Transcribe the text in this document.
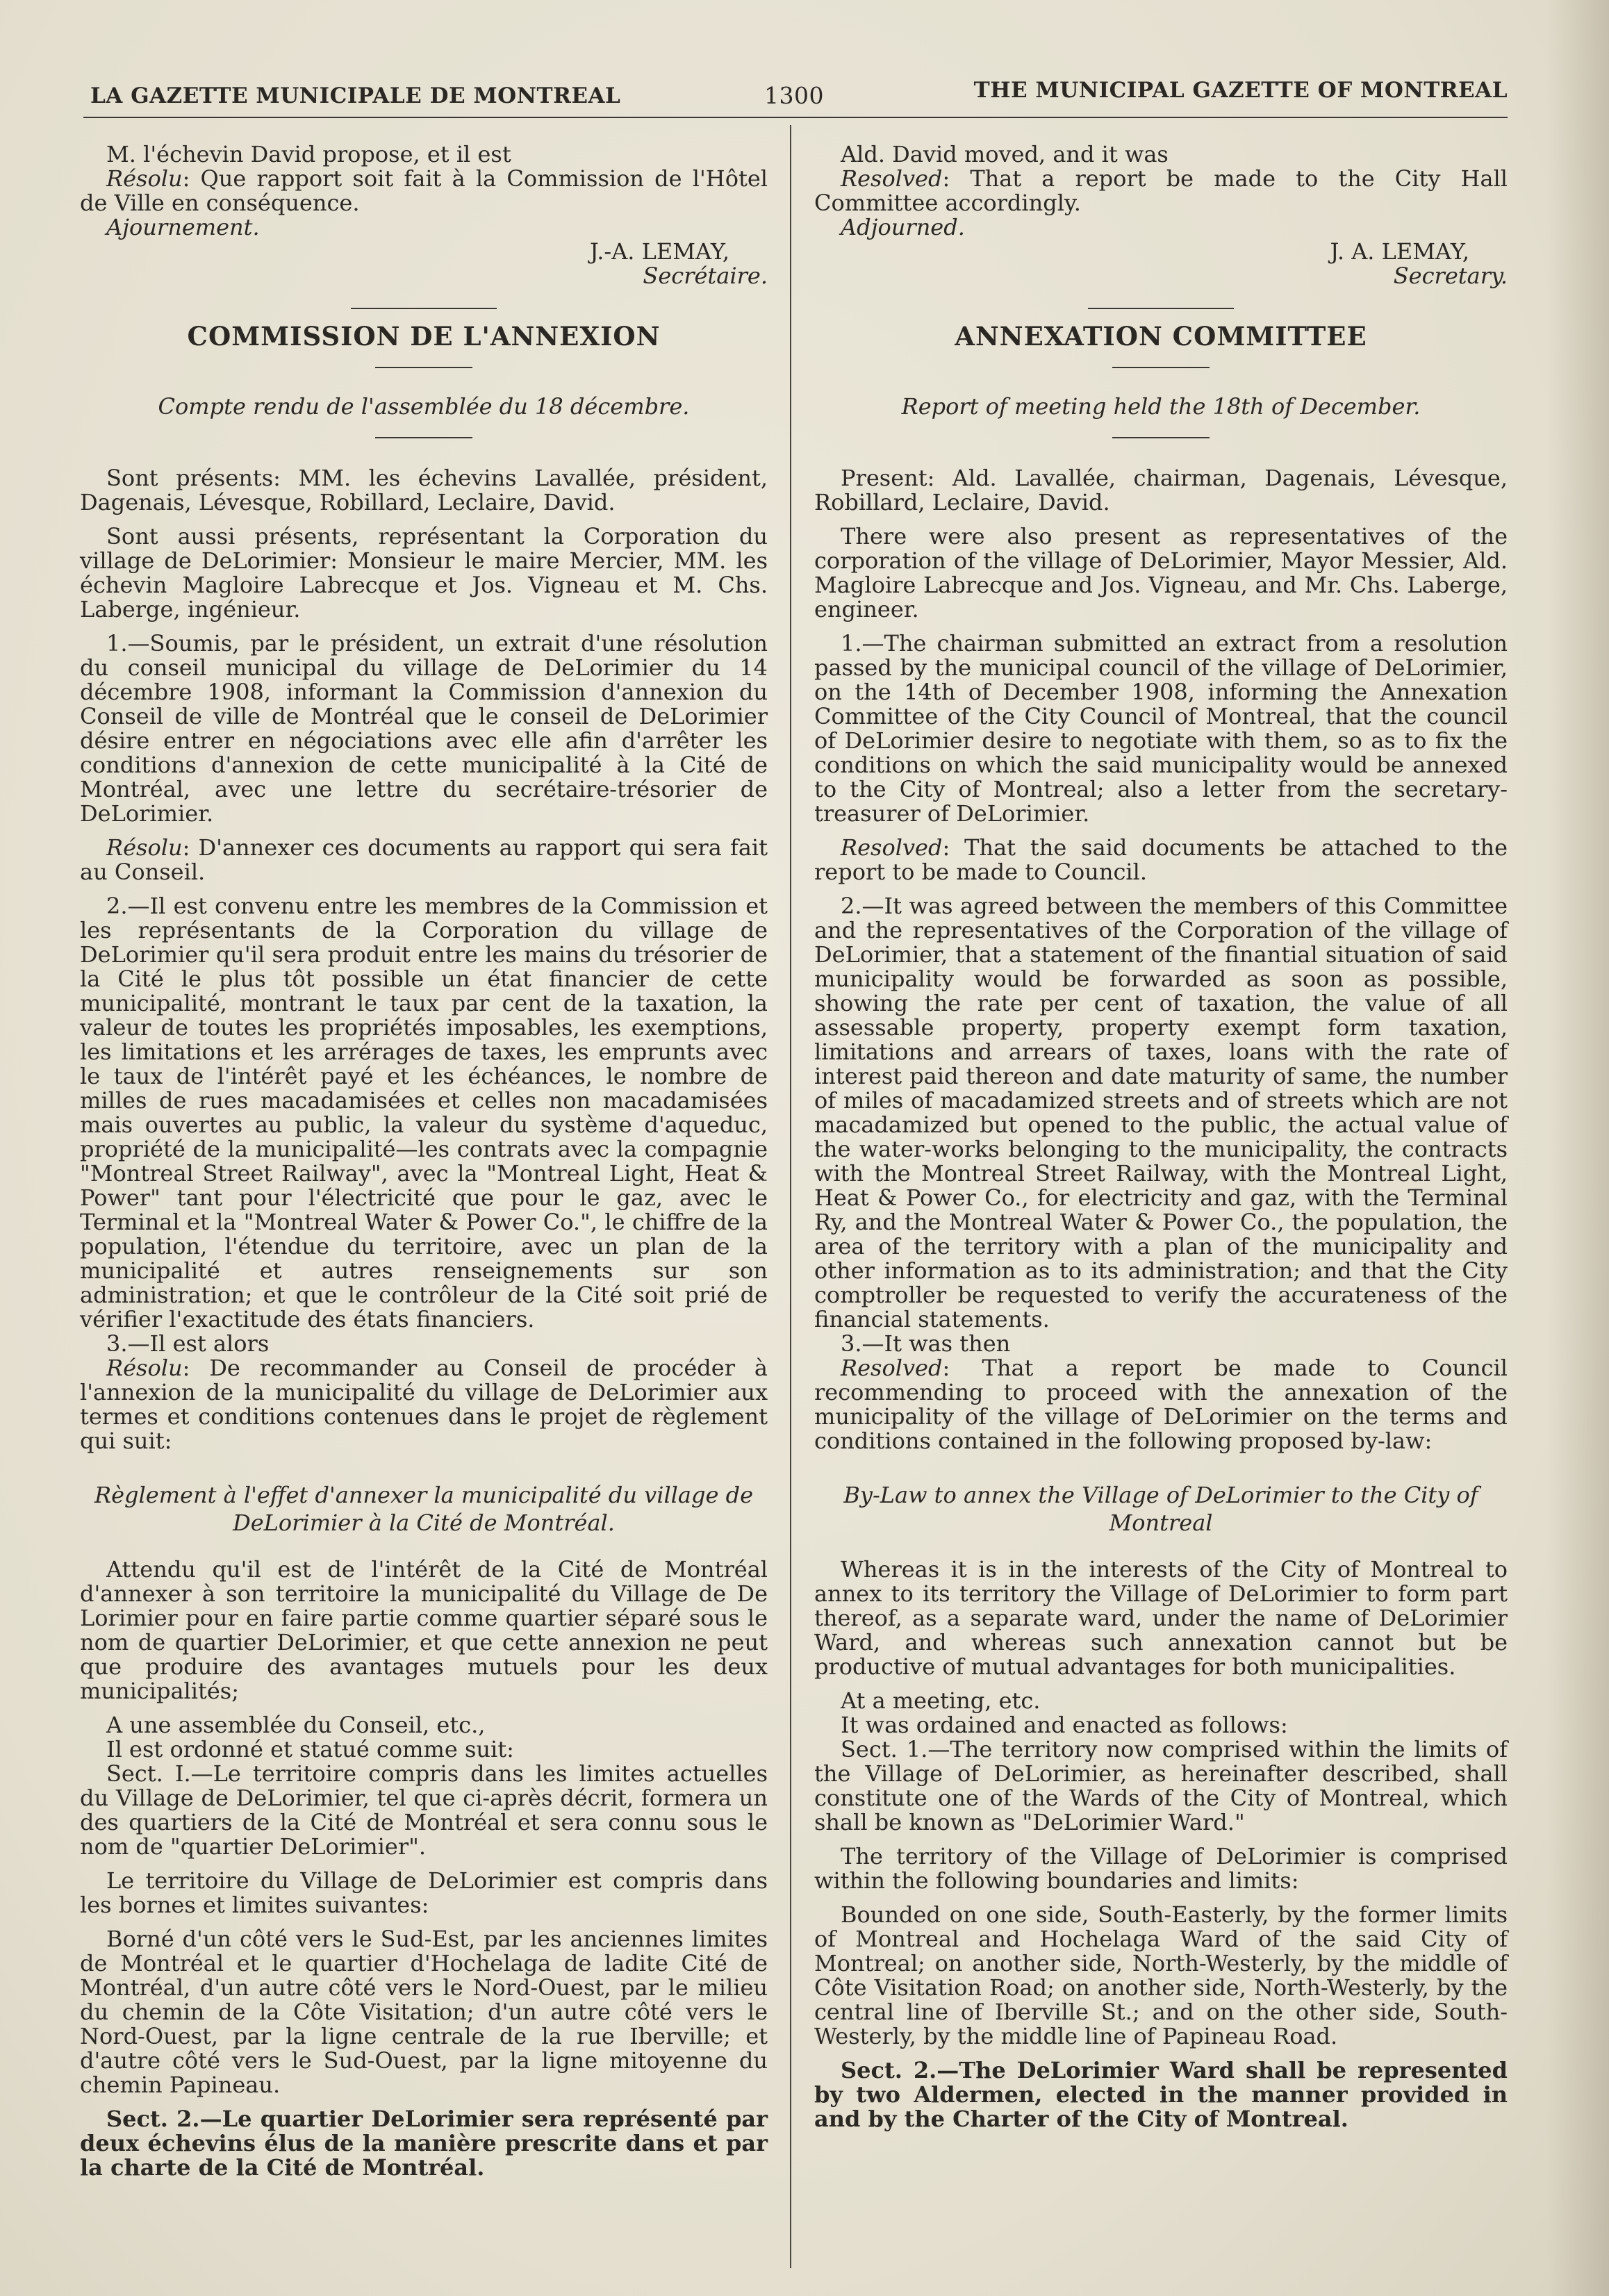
LA GAZETTE MUNICIPALE DE MONTREAL	1300	THE MUNICIPAL GAZETTE OF MONTREAL

M. l'échevin David propose, et il est

Résolu: Que rapport soit fait à la Commission de l'Hôtel de Ville en conséquence.

Ajournement.

J.-A. LEMAY,

Secrétaire.

COMMISSION DE L'ANNEXION

Compte rendu de l'assemblée du 18 décembre.

Sont présents: MM. les échevins Lavallée, président, Dagenais, Lévesque, Robillard, Leclaire, David.

Sont aussi présents, représentant la Corporation du village de DeLorimier: Monsieur le maire Mercier, MM. les échevin Magloire Labrecque et Jos. Vigneau et M. Chs. Laberge, ingénieur.

1.—Soumis, par le président, un extrait d'une résolution du conseil municipal du village de DeLorimier du 14 décembre 1908, informant la Commission d'annexion du Conseil de ville de Montréal que le conseil de DeLorimier désire entrer en négociations avec elle afin d'arrêter les conditions d'annexion de cette municipalité à la Cité de Montréal, avec une lettre du secrétaire-trésorier de DeLorimier.

Résolu: D'annexer ces documents au rapport qui sera fait au Conseil.

2.—Il est convenu entre les membres de la Commission et les représentants de la Corporation du village de DeLorimier qu'il sera produit entre les mains du trésorier de la Cité le plus tôt possible un état financier de cette municipalité, montrant le taux par cent de la taxation, la valeur de toutes les propriétés imposables, les exemptions, les limitations et les arrérages de taxes, les emprunts avec le taux de l'intérêt payé et les échéances, le nombre de milles de rues macadamisées et celles non macadamisées mais ouvertes au public, la valeur du système d'aqueduc, propriété de la municipalité—les contrats avec la compagnie "Montreal Street Railway", avec la "Montreal Light, Heat & Power" tant pour l'électricité que pour le gaz, avec le Terminal et la "Montreal Water & Power Co.", le chiffre de la population, l'étendue du territoire, avec un plan de la municipalité et autres renseignements sur son administration; et que le contrôleur de la Cité soit prié de vérifier l'exactitude des états financiers.

3.—Il est alors

Résolu: De recommander au Conseil de procéder à l'annexion de la municipalité du village de DeLorimier aux termes et conditions contenues dans le projet de règlement qui suit:

Règlement à l'effet d'annexer la municipalité du village de DeLorimier à la Cité de Montréal.

Attendu qu'il est de l'intérêt de la Cité de Montréal d'annexer à son territoire la municipalité du Village de De Lorimier pour en faire partie comme quartier séparé sous le nom de quartier DeLorimier, et que cette annexion ne peut que produire des avantages mutuels pour les deux municipalités;

A une assemblée du Conseil, etc.,

Il est ordonné et statué comme suit:

Sect. I.—Le territoire compris dans les limites actuelles du Village de DeLorimier, tel que ci-après décrit, formera un des quartiers de la Cité de Montréal et sera connu sous le nom de "quartier DeLorimier".

Le territoire du Village de DeLorimier est compris dans les bornes et limites suivantes:

Borné d'un côté vers le Sud-Est, par les anciennes limites de Montréal et le quartier d'Hochelaga de ladite Cité de Montréal, d'un autre côté vers le Nord-Ouest, par le milieu du chemin de la Côte Visitation; d'un autre côté vers le Nord-Ouest, par la ligne centrale de la rue Iberville; et d'autre côté vers le Sud-Ouest, par la ligne mitoyenne du chemin Papineau.

Sect. 2.—Le quartier DeLorimier sera représenté par deux échevins élus de la manière prescrite dans et par la charte de la Cité de Montréal.

Ald. David moved, and it was

Resolved: That a report be made to the City Hall Committee accordingly.

Adjourned.

J. A. LEMAY,

Secretary.

ANNEXATION COMMITTEE

Report of meeting held the 18th of December.

Present: Ald. Lavallée, chairman, Dagenais, Lévesque, Robillard, Leclaire, David.

There were also present as representatives of the corporation of the village of DeLorimier, Mayor Messier, Ald. Magloire Labrecque and Jos. Vigneau, and Mr. Chs. Laberge, engineer.

1.—The chairman submitted an extract from a resolution passed by the municipal council of the village of DeLorimier, on the 14th of December 1908, informing the Annexation Committee of the City Council of Montreal, that the council of DeLorimier desire to negotiate with them, so as to fix the conditions on which the said municipality would be annexed to the City of Montreal; also a letter from the secretary-treasurer of DeLorimier.

Resolved: That the said documents be attached to the report to be made to Council.

2.—It was agreed between the members of this Committee and the representatives of the Corporation of the village of DeLorimier, that a statement of the finantial situation of said municipality would be forwarded as soon as possible, showing the rate per cent of taxation, the value of all assessable property, property exempt form taxation, limitations and arrears of taxes, loans with the rate of interest paid thereon and date maturity of same, the number of miles of macadamized streets and of streets which are not macadamized but opened to the public, the actual value of the water-works belonging to the municipality, the contracts with the Montreal Street Railway, with the Montreal Light, Heat & Power Co., for electricity and gaz, with the Terminal Ry, and the Montreal Water & Power Co., the population, the area of the territory with a plan of the municipality and other information as to its administration; and that the City comptroller be requested to verify the accurateness of the financial statements.

3.—It was then

Resolved: That a report be made to Council recommending to proceed with the annexation of the municipality of the village of DeLorimier on the terms and conditions contained in the following proposed by-law:

By-Law to annex the Village of DeLorimier to the City of Montreal

Whereas it is in the interests of the City of Montreal to annex to its territory the Village of DeLorimier to form part thereof, as a separate ward, under the name of DeLorimier Ward, and whereas such annexation cannot but be productive of mutual advantages for both municipalities.

At a meeting, etc.

It was ordained and enacted as follows:

Sect. 1.—The territory now comprised within the limits of the Village of DeLorimier, as hereinafter described, shall constitute one of the Wards of the City of Montreal, which shall be known as "DeLorimier Ward."

The territory of the Village of DeLorimier is comprised within the following boundaries and limits:

Bounded on one side, South-Easterly, by the former limits of Montreal and Hochelaga Ward of the said City of Montreal; on another side, North-Westerly, by the middle of Côte Visitation Road; on another side, North-Westerly, by the central line of Iberville St.; and on the other side, South-Westerly, by the middle line of Papineau Road.

Sect. 2.—The DeLorimier Ward shall be represented by two Aldermen, elected in the manner provided in and by the Charter of the City of Montreal.
